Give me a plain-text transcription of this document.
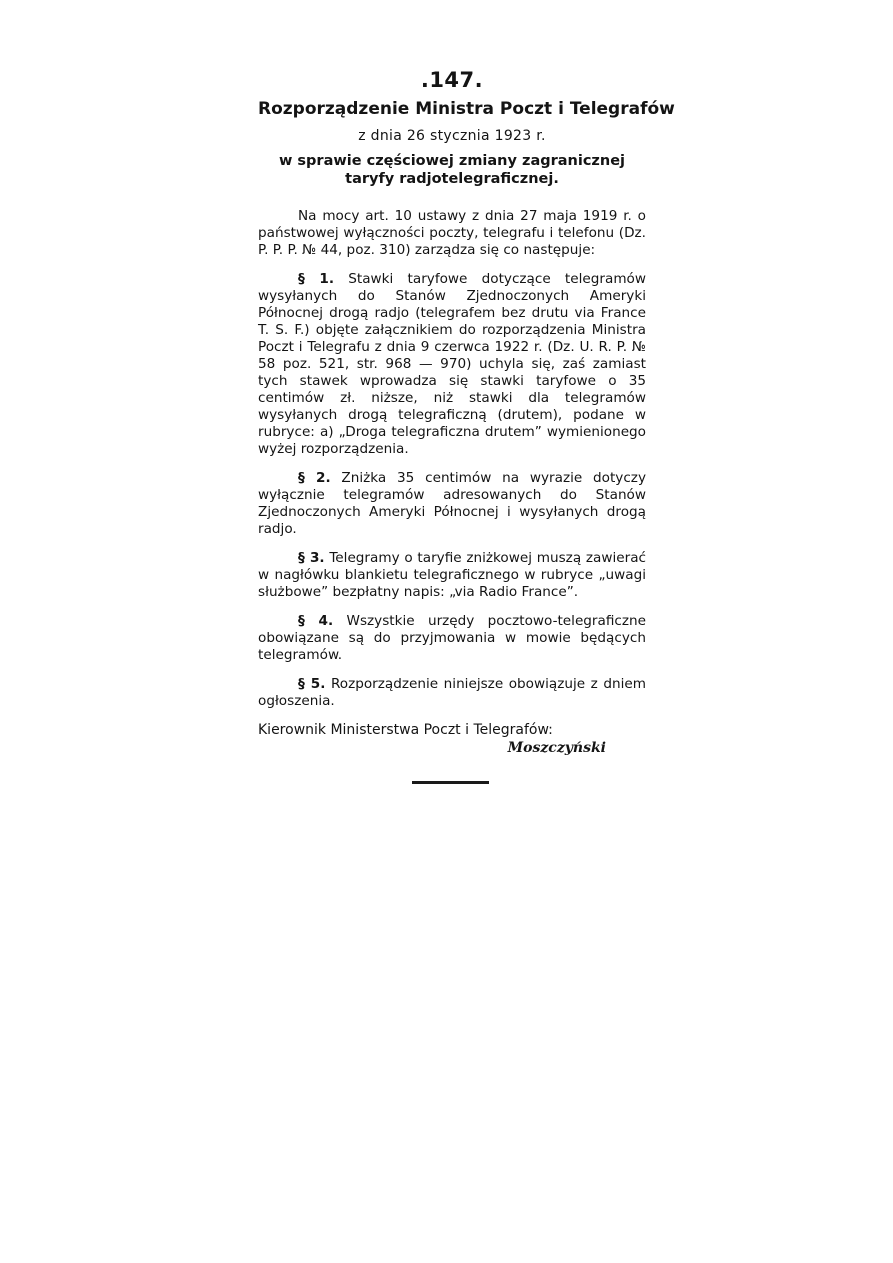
.147.
Rozporządzenie Ministra Poczt i Telegrafów
z dnia 26 stycznia 1923 r.
w sprawie częściowej zmiany zagranicznej
taryfy radjotelegraficznej.

Na mocy art. 10 ustawy z dnia 27 maja 1919 r. o państwowej wyłączności poczty, telegrafu i telefonu (Dz. P. P. P. № 44, poz. 310) zarządza się co następuje:

§ 1. Stawki taryfowe dotyczące telegramów wysyłanych do Stanów Zjednoczonych Ameryki Północnej drogą radjo (telegrafem bez drutu via France T. S. F.) objęte załącznikiem do rozporządzenia Ministra Poczt i Telegrafu z dnia 9 czerwca 1922 r. (Dz. U. R. P. № 58 poz. 521, str. 968 — 970) uchyla się, zaś zamiast tych stawek wprowadza się stawki taryfowe o 35 centimów zł. niższe, niż stawki dla telegramów wysyłanych drogą telegraficzną (drutem), podane w rubryce: a) „Droga telegraficzna drutem” wymienionego wyżej rozporządzenia.

§ 2. Zniżka 35 centimów na wyrazie dotyczy wyłącznie telegramów adresowanych do Stanów Zjednoczonych Ameryki Północnej i wysyłanych drogą radjo.

§ 3. Telegramy o taryfie zniżkowej muszą zawierać w nagłówku blankietu telegraficznego w rubryce „uwagi służbowe” bezpłatny napis: „via Radio France”.

§ 4. Wszystkie urzędy pocztowo-telegraficzne obowiązane są do przyjmowania w mowie będących telegramów.

§ 5. Rozporządzenie niniejsze obowiązuje z dniem ogłoszenia.

Kierownik Ministerstwa Poczt i Telegrafów:
Moszczyński
